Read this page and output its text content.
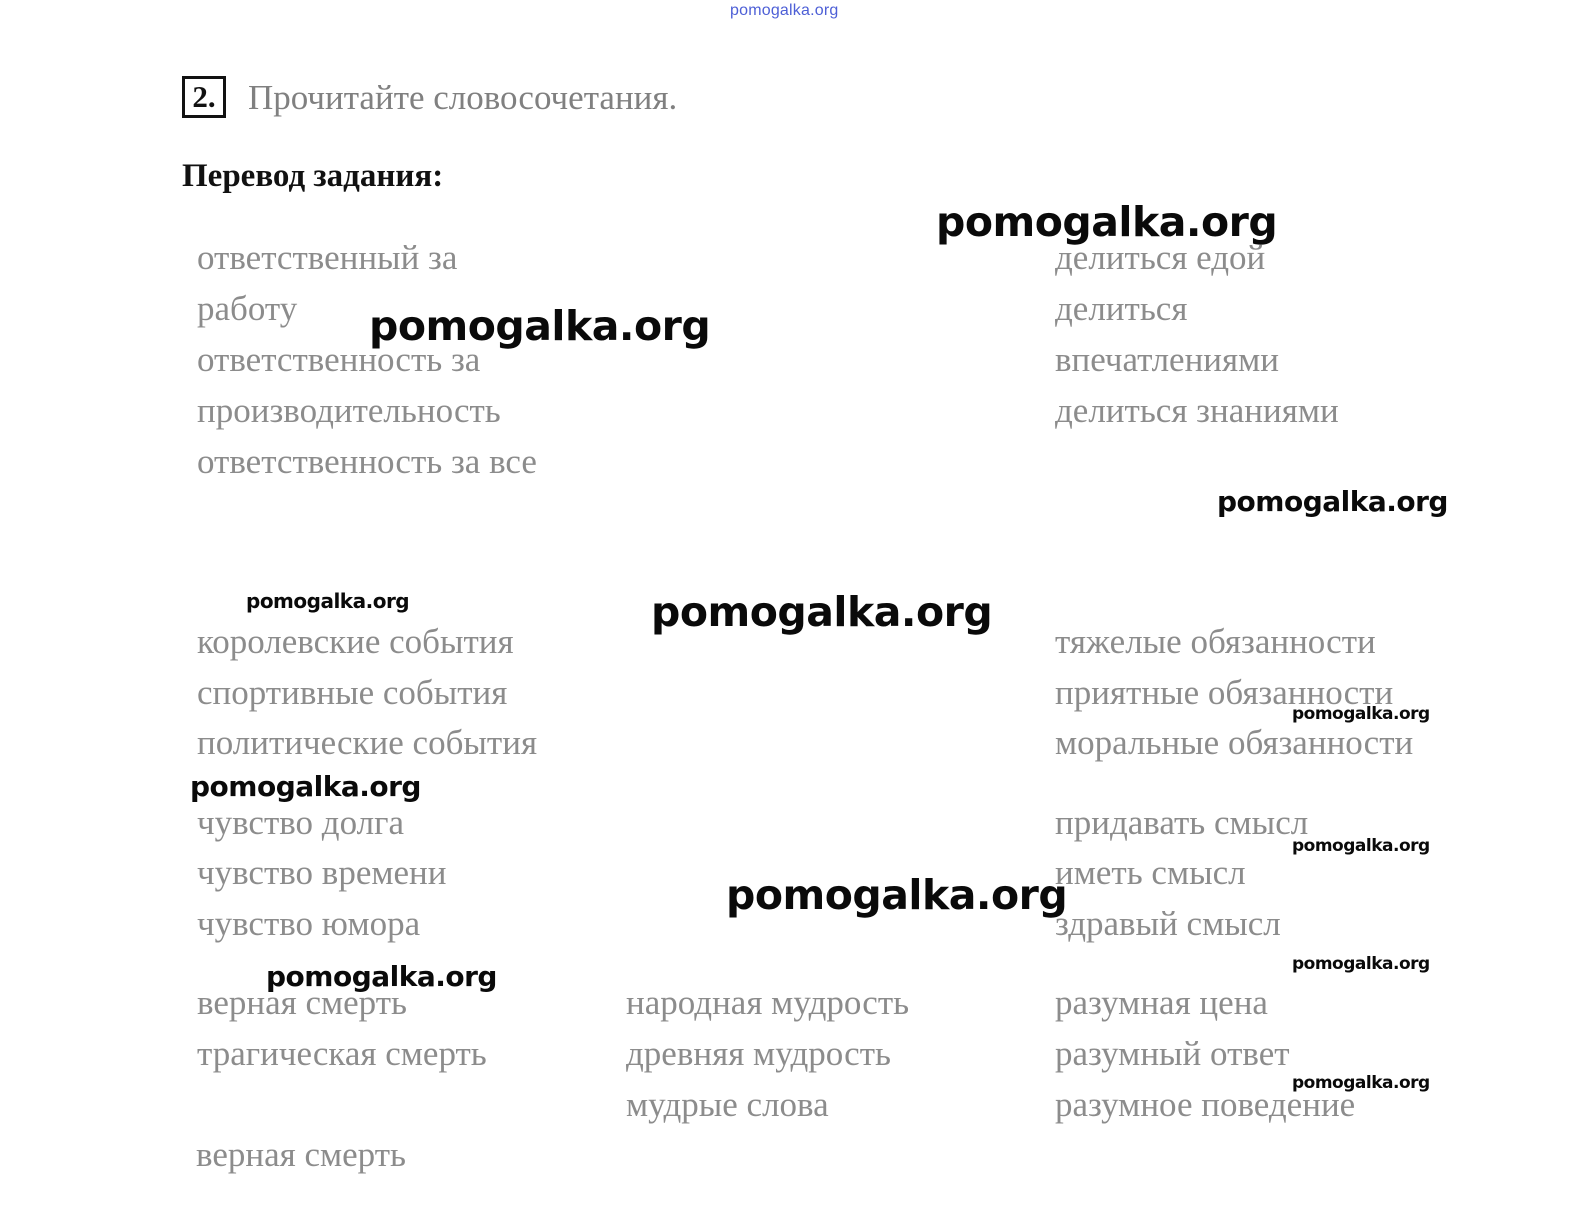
pomogalka.org
2. Прочитайте словосочетания.
Перевод задания:
ответственный за
работу
ответственность за
производительность
ответственность за все
делиться едой
делиться
впечатлениями
делиться знаниями
королевские события
спортивные события
политические события
тяжелые обязанности
приятные обязанности
моральные обязанности
чувство долга
чувство времени
чувство юмора
придавать смысл
иметь смысл
здравый смысл
верная смерть
трагическая смерть
народная мудрость
древняя мудрость
мудрые слова
разумная цена
разумный ответ
разумное поведение
верная смерть
pomogalka.org
pomogalka.org
pomogalka.org
pomogalka.org	pomogalka.org
pomogalka.org
pomogalka.org
pomogalka.org
pomogalka.org
pomogalka.org
pomogalka.org
pomogalka.org
